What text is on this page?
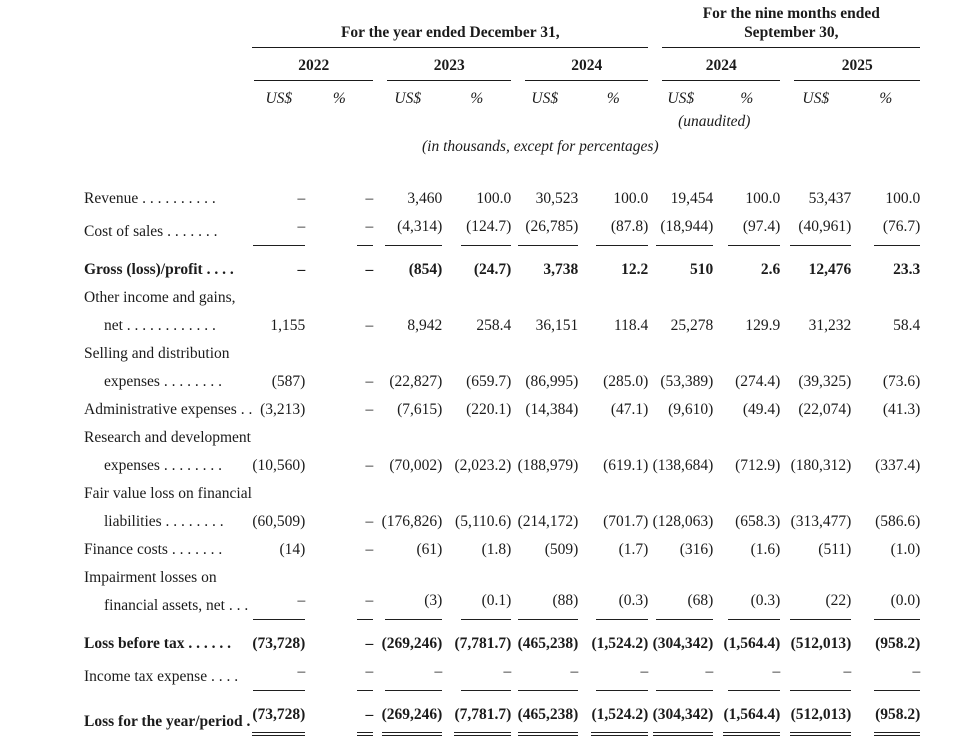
	For the year ended December 31,						For the nine months ended
September 30,			

	2022		2023		2024		2024		2025	

	US$	%	US$	%	US$	%	US$	%	US$	%
							(unaudited)			
	(in thousands, except for percentages)									

Revenue . . . . . . . . . .	–	–	3,460	100.0	30,523	100.0	19,454	100.0	53,437	100.0

Cost of sales . . . . . . .	–	–	(4,314)	(124.7)	(26,785)	(87.8)	(18,944)	(97.4)	(40,961)	(76.7)

Gross (loss)/profit . . . .	–	–	(854)	(24.7)	3,738	12.2	510	2.6	12,476	23.3

Other income and gains,
net . . . . . . . . . . . .	1,155	–	8,942	258.4	36,151	118.4	25,278	129.9	31,232	58.4

Selling and distribution
expenses . . . . . . . .	(587)	–	(22,827)	(659.7)	(86,995)	(285.0)	(53,389)	(274.4)	(39,325)	(73.6)

Administrative expenses . .	(3,213)	–	(7,615)	(220.1)	(14,384)	(47.1)	(9,610)	(49.4)	(22,074)	(41.3)

Research and development
expenses . . . . . . . .	(10,560)	–	(70,002)	(2,023.2)	(188,979)	(619.1)	(138,684)	(712.9)	(180,312)	(337.4)

Fair value loss on financial
liabilities . . . . . . . .	(60,509)	–	(176,826)	(5,110.6)	(214,172)	(701.7)	(128,063)	(658.3)	(313,477)	(586.6)

Finance costs . . . . . . .	(14)	–	(61)	(1.8)	(509)	(1.7)	(316)	(1.6)	(511)	(1.0)

Impairment losses on
financial assets, net . . .	–	–	(3)	(0.1)	(88)	(0.3)	(68)	(0.3)	(22)	(0.0)

Loss before tax . . . . . .	(73,728)	–	(269,246)	(7,781.7)	(465,238)	(1,524.2)	(304,342)	(1,564.4)	(512,013)	(958.2)

Income tax expense . . . .	–	–	–	–	–	–	–	–	–	–

Loss for the year/period .	(73,728)	–	(269,246)	(7,781.7)	(465,238)	(1,524.2)	(304,342)	(1,564.4)	(512,013)	(958.2)
